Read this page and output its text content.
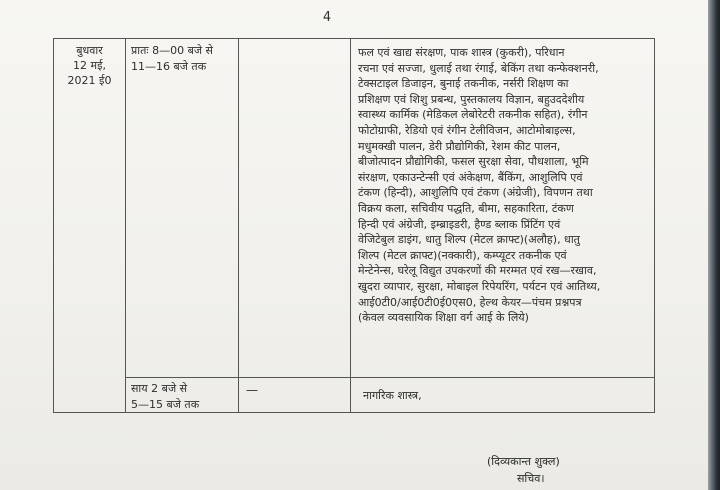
4
बुधवार
12 मई,
2021 ई0
प्रातः 8—00 बजे से
11—16 बजे तक
फल एवं खाद्य संरक्षण, पाक शास्त्र (कुकरी), परिधान
रचना एवं सज्जा, धुलाई तथा रंगाई, बेकिंग तथा कन्फेक्शनरी,
टेक्सटाइल डिजाइन, बुनाई तकनीक, नर्सरी शिक्षण का
प्रशिक्षण एवं शिशु प्रबन्ध, पुस्तकालय विज्ञान, बहुउददेशीय
स्वास्थ्य कार्मिक (मेडिकल लेबोरेटरी तकनीक सहित), रंगीन
फोटोग्राफी, रेडियो एवं रंगीन टेलीविजन, आटोमोबाइल्स,
मधुमक्खी पालन, डेरी प्रौद्योगिकी, रेशम कीट पालन,
बीजोत्पादन प्रौद्योगिकी, फसल सुरक्षा सेवा, पौधशाला, भूमि
संरक्षण, एकाउन्टेन्सी एवं अंकेक्षण, बैंकिंग, आशुलिपि एवं
टंकण (हिन्दी), आशुलिपि एवं टंकण (अंग्रेजी), विपणन तथा
विक्रय कला, सचिवीय पद्धति, बीमा, सहकारिता, टंकण
हिन्दी एवं अंग्रेजी, इम्ब्राइडरी, हैण्ड ब्लाक प्रिंटिंग एवं
वेजिटेबुल डाइंग, धातु शिल्प (मेटल क्राफ्ट)(अलौह), धातु
शिल्प (मेटल क्राफ्ट)(नक्कारी), कम्प्यूटर तकनीक एवं
मेन्टेनेन्स, घरेलू विद्युत उपकरणों की मरम्मत एवं रख—रखाव,
खुदरा व्यापार, सुरक्षा, मोबाइल रिपेयरिंग, पर्यटन एवं आतिथ्य,
आई0टी0/आई0टी0ई0एस0, हेल्थ केयर—पंचम प्रश्नपत्र
(केवल व्यवसायिक शिक्षा वर्ग आई के लिये)
साय 2 बजे से
5—15 बजे तक
—	नागरिक शास्त्र,
(दिव्यकान्त शुक्ल)
सचिव।
